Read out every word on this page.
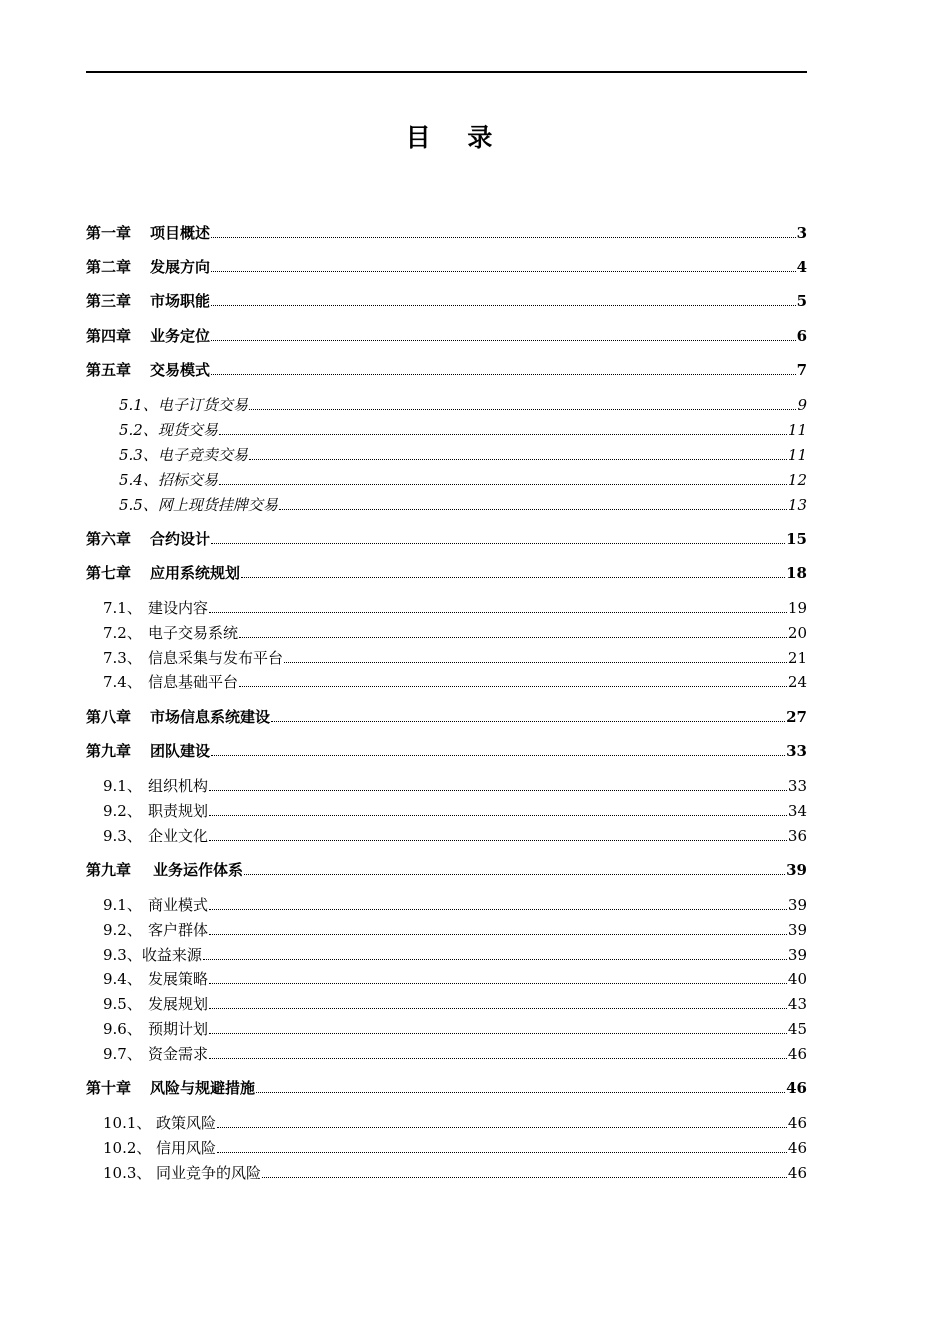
目 录
第一章 项目概述	3
第二章 发展方向	4
第三章 市场职能	5
第四章 业务定位	6
第五章 交易模式	7
5.1、电子订货交易	9
5.2、现货交易	11
5.3、电子竞卖交易	11
5.4、招标交易	12
5.5、网上现货挂牌交易	13
第六章 合约设计	15
第七章 应用系统规划	18
7.1、 建设内容	19
7.2、 电子交易系统	20
7.3、 信息采集与发布平台	21
7.4、 信息基础平台	24
第八章 市场信息系统建设	27
第九章 团队建设	33
9.1、 组织机构	33
9.2、 职责规划	34
9.3、 企业文化	36
第九章 业务运作体系	39
9.1、 商业模式	39
9.2、 客户群体	39
9.3、收益来源	39
9.4、 发展策略	40
9.5、 发展规划	43
9.6、 预期计划	45
9.7、 资金需求	46
第十章 风险与规避措施	46
10.1、 政策风险	46
10.2、 信用风险	46
10.3、 同业竞争的风险	46
